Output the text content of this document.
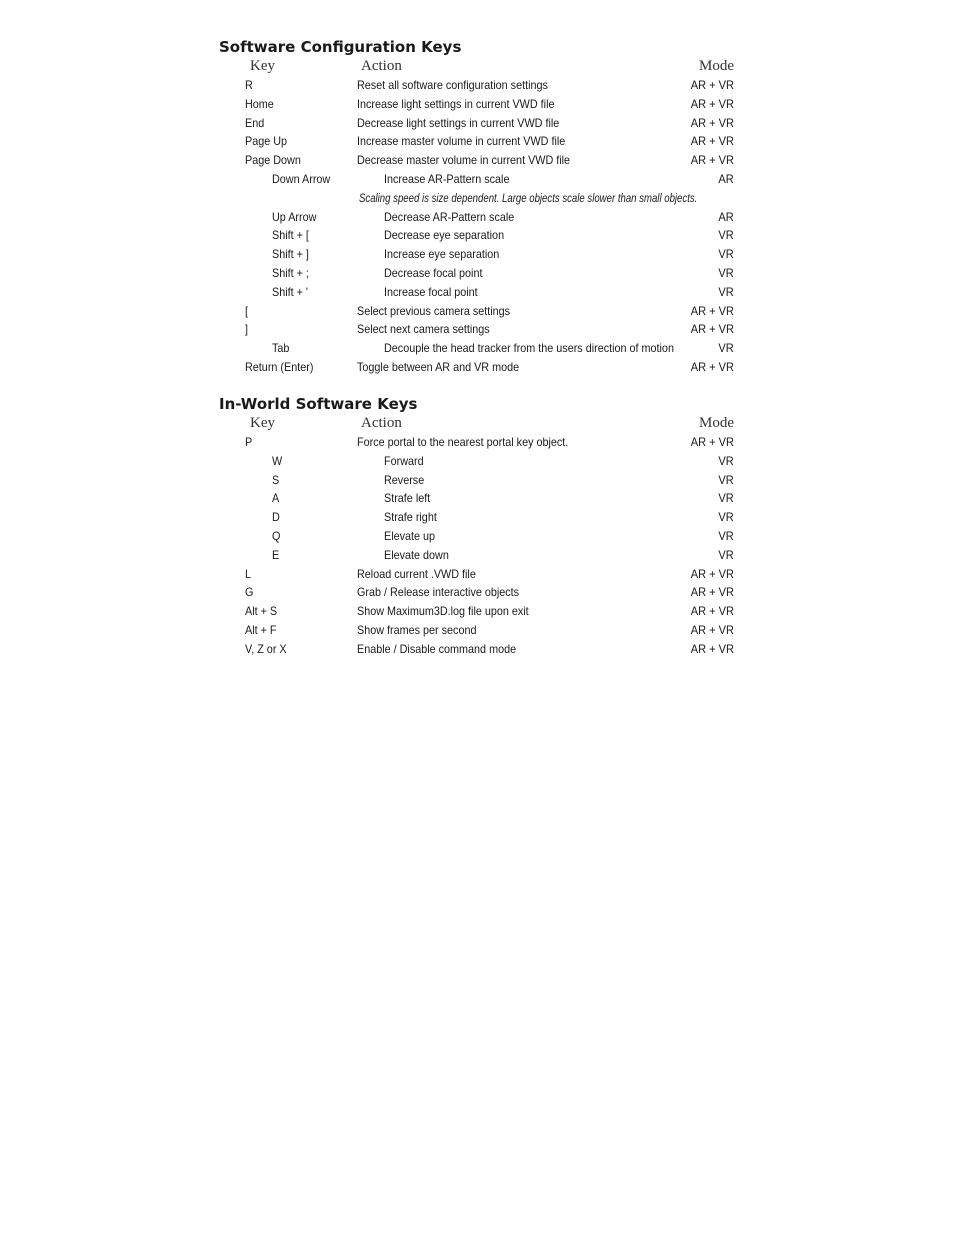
Software Configuration Keys
Key	Action	Mode
R	Reset all software configuration settings	AR + VR
Home	Increase light settings in current VWD file	AR + VR
End	Decrease light settings in current VWD file	AR + VR
Page Up	Increase master volume in current VWD file	AR + VR
Page Down	Decrease master volume in current VWD file	AR + VR
Down Arrow	Increase AR-Pattern scale	AR
Scaling speed is size dependent. Large objects scale slower than small objects.
Up Arrow	Decrease AR-Pattern scale	AR
Shift + [	Decrease eye separation	VR
Shift + ]	Increase eye separation	VR
Shift + ;	Decrease focal point	VR
Shift + '	Increase focal point	VR
[	Select previous camera settings	AR + VR
]	Select next camera settings	AR + VR
Tab	Decouple the head tracker from the users direction of motion	VR
Return (Enter)	Toggle between AR and VR mode	AR + VR
In-World Software Keys
Key	Action	Mode
P	Force portal to the nearest portal key object.	AR + VR
W	Forward	VR
S	Reverse	VR
A	Strafe left	VR
D	Strafe right	VR
Q	Elevate up	VR
E	Elevate down	VR
L	Reload current .VWD file	AR + VR
G	Grab / Release interactive objects	AR + VR
Alt + S	Show Maximum3D.log file upon exit	AR + VR
Alt + F	Show frames per second	AR + VR
V, Z or X	Enable / Disable command mode	AR + VR
